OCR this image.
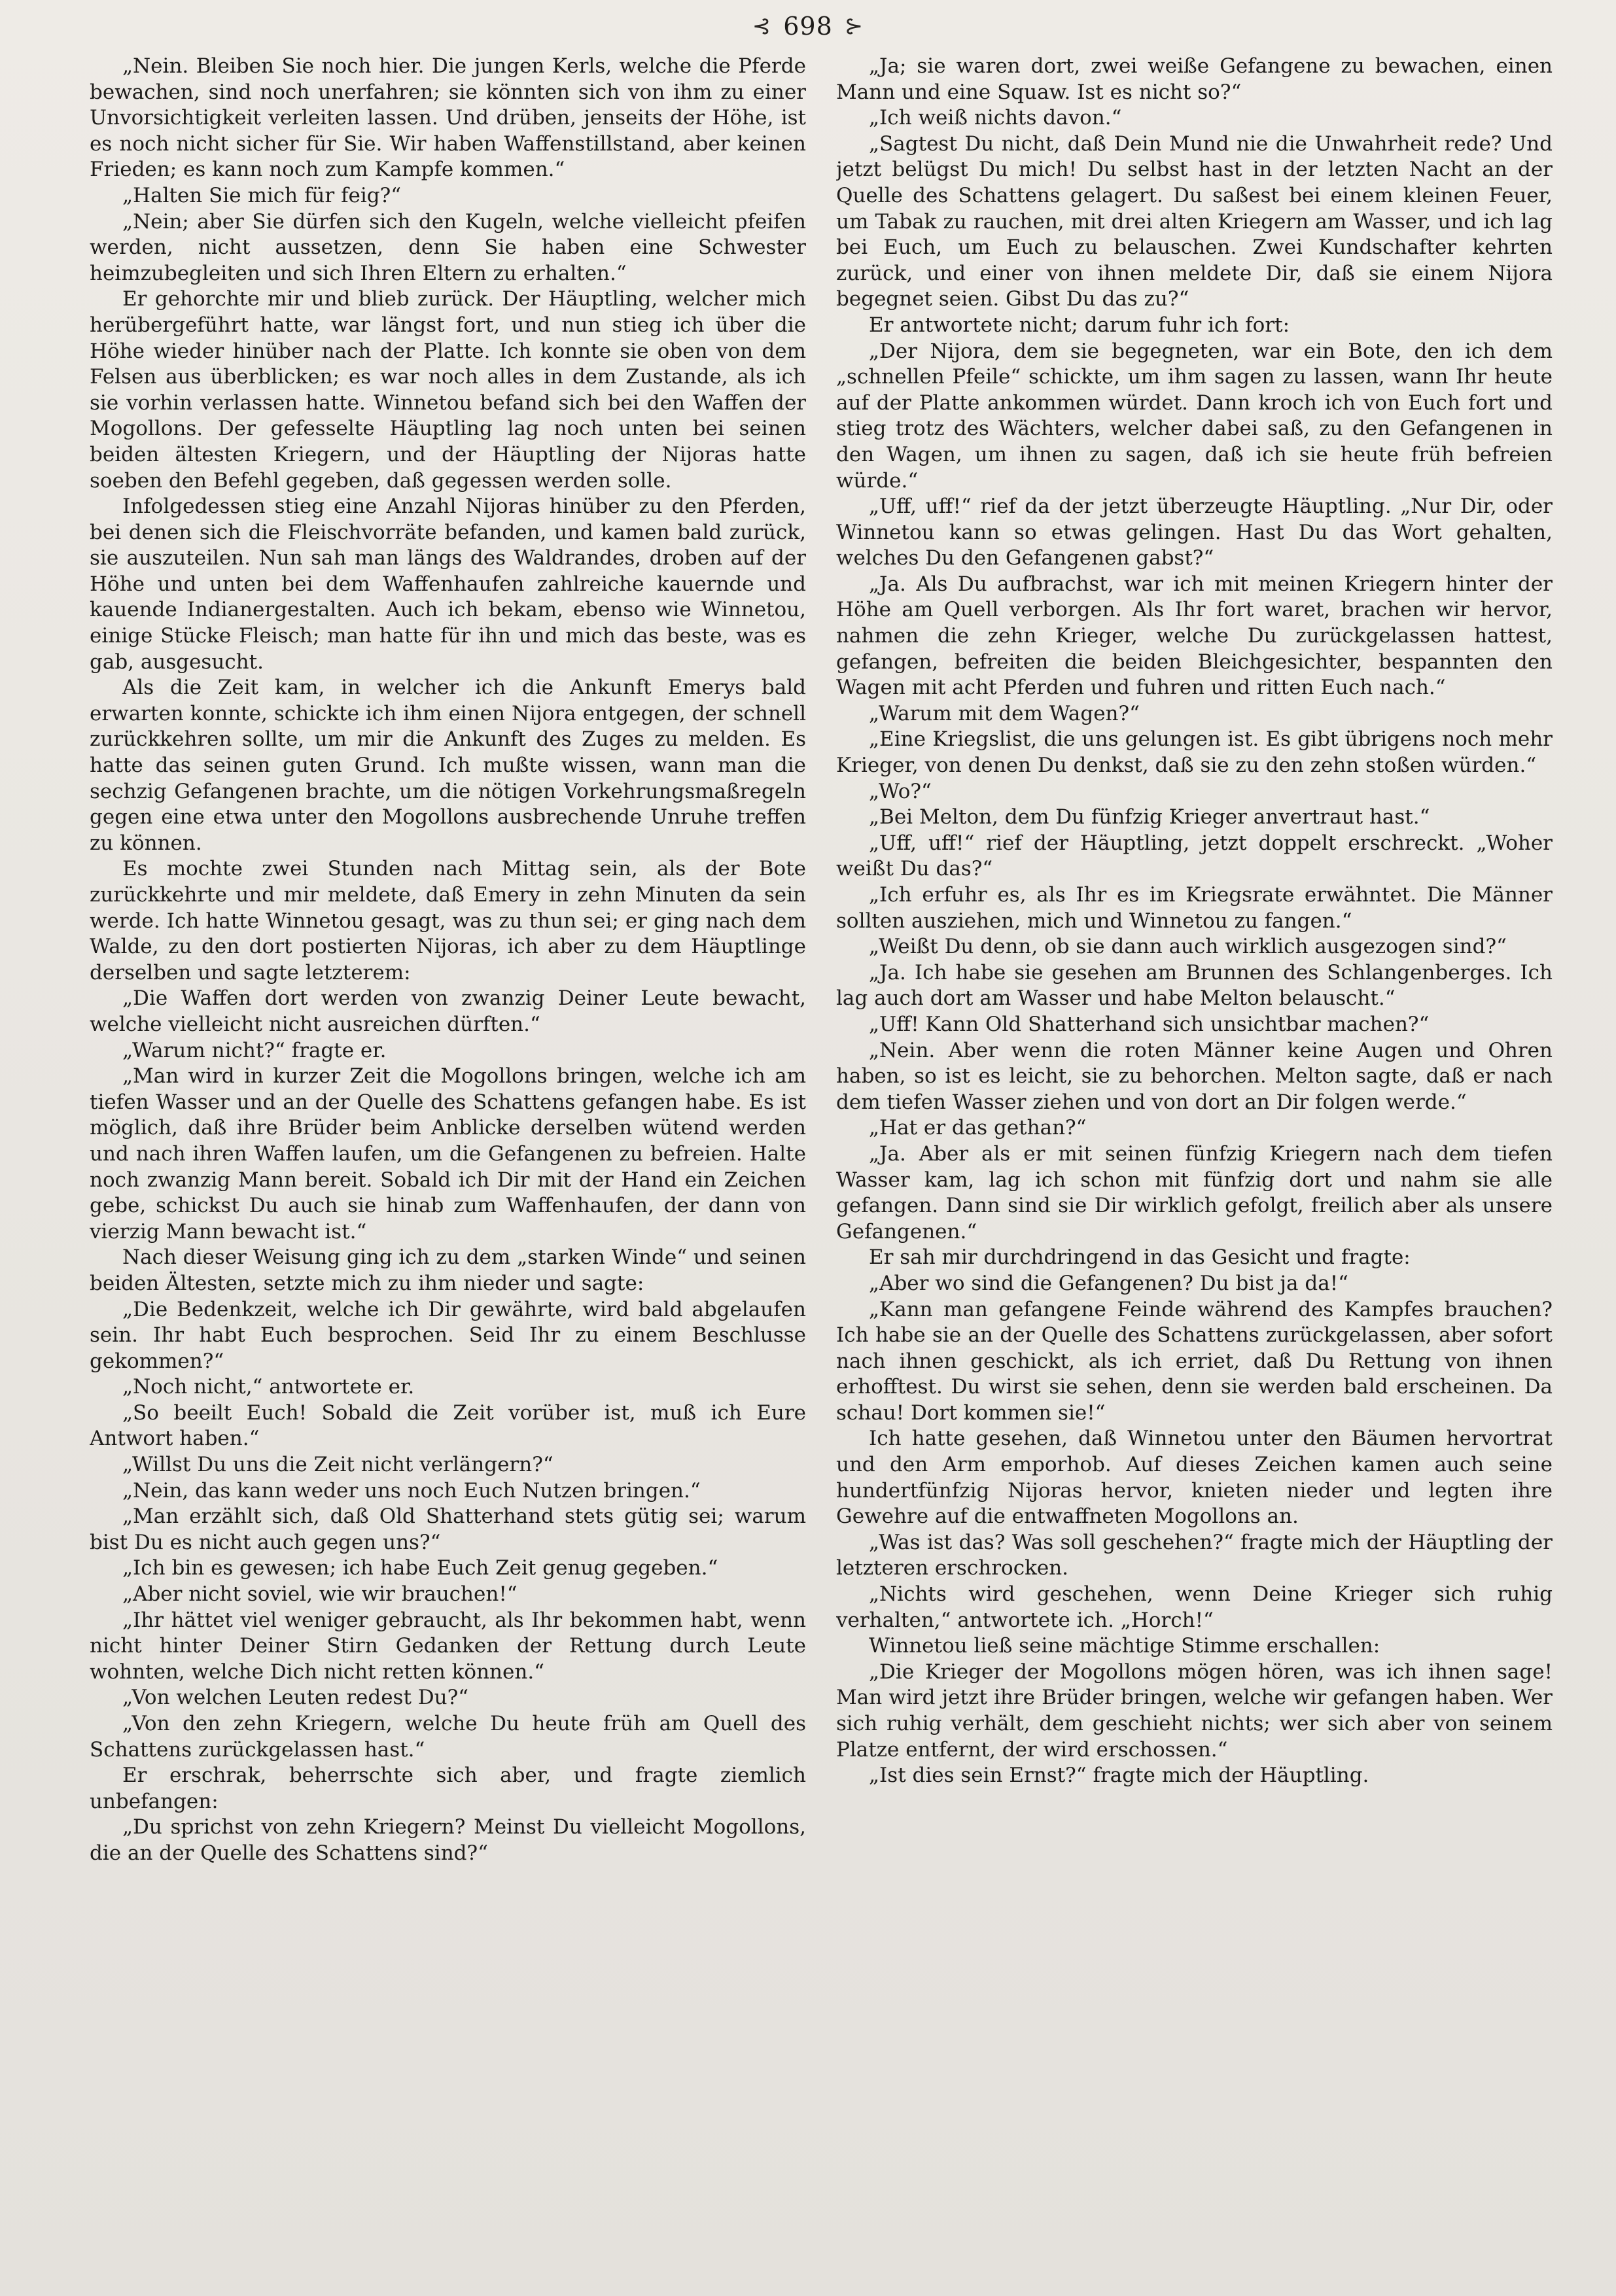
⊰ 698 ⊱

„Nein. Bleiben Sie noch hier. Die jungen Kerls, welche die Pferde bewachen, sind noch unerfahren; sie könnten sich von ihm zu einer Unvorsichtigkeit verleiten lassen. Und drüben, jenseits der Höhe, ist es noch nicht sicher für Sie. Wir haben Waffenstillstand, aber keinen Frieden; es kann noch zum Kampfe kommen.“

„Halten Sie mich für feig?“

„Nein; aber Sie dürfen sich den Kugeln, welche vielleicht pfeifen werden, nicht aussetzen, denn Sie haben eine Schwester heimzubegleiten und sich Ihren Eltern zu erhalten.“

Er gehorchte mir und blieb zurück. Der Häuptling, welcher mich herübergeführt hatte, war längst fort, und nun stieg ich über die Höhe wieder hinüber nach der Platte. Ich konnte sie oben von dem Felsen aus überblicken; es war noch alles in dem Zustande, als ich sie vorhin verlassen hatte. Winnetou befand sich bei den Waffen der Mogollons. Der gefesselte Häuptling lag noch unten bei seinen beiden ältesten Kriegern, und der Häuptling der Nijoras hatte soeben den Befehl gegeben, daß gegessen werden solle.

Infolgedessen stieg eine Anzahl Nijoras hinüber zu den Pferden, bei denen sich die Fleischvorräte befanden, und kamen bald zurück, sie auszuteilen. Nun sah man längs des Waldrandes, droben auf der Höhe und unten bei dem Waffenhaufen zahlreiche kauernde und kauende Indianergestalten. Auch ich bekam, ebenso wie Winnetou, einige Stücke Fleisch; man hatte für ihn und mich das beste, was es gab, ausgesucht.

Als die Zeit kam, in welcher ich die Ankunft Emerys bald erwarten konnte, schickte ich ihm einen Nijora entgegen, der schnell zurückkehren sollte, um mir die Ankunft des Zuges zu melden. Es hatte das seinen guten Grund. Ich mußte wissen, wann man die sechzig Gefangenen brachte, um die nötigen Vorkehrungsmaßregeln gegen eine etwa unter den Mogollons ausbrechende Unruhe treffen zu können.

Es mochte zwei Stunden nach Mittag sein, als der Bote zurückkehrte und mir meldete, daß Emery in zehn Minuten da sein werde. Ich hatte Winnetou gesagt, was zu thun sei; er ging nach dem Walde, zu den dort postierten Nijoras, ich aber zu dem Häuptlinge derselben und sagte letzterem:

„Die Waffen dort werden von zwanzig Deiner Leute bewacht, welche vielleicht nicht ausreichen dürften.“

„Warum nicht?“ fragte er.

„Man wird in kurzer Zeit die Mogollons bringen, welche ich am tiefen Wasser und an der Quelle des Schattens gefangen habe. Es ist möglich, daß ihre Brüder beim Anblicke derselben wütend werden und nach ihren Waffen laufen, um die Gefangenen zu befreien. Halte noch zwanzig Mann bereit. Sobald ich Dir mit der Hand ein Zeichen gebe, schickst Du auch sie hinab zum Waffenhaufen, der dann von vierzig Mann bewacht ist.“

Nach dieser Weisung ging ich zu dem „starken Winde“ und seinen beiden Ältesten, setzte mich zu ihm nieder und sagte:

„Die Bedenkzeit, welche ich Dir gewährte, wird bald abgelaufen sein. Ihr habt Euch besprochen. Seid Ihr zu einem Beschlusse gekommen?“

„Noch nicht,“ antwortete er.

„So beeilt Euch! Sobald die Zeit vorüber ist, muß ich Eure Antwort haben.“

„Willst Du uns die Zeit nicht verlängern?“

„Nein, das kann weder uns noch Euch Nutzen bringen.“

„Man erzählt sich, daß Old Shatterhand stets gütig sei; warum bist Du es nicht auch gegen uns?“

„Ich bin es gewesen; ich habe Euch Zeit genug gegeben.“

„Aber nicht soviel, wie wir brauchen!“

„Ihr hättet viel weniger gebraucht, als Ihr bekommen habt, wenn nicht hinter Deiner Stirn Gedanken der Rettung durch Leute wohnten, welche Dich nicht retten können.“

„Von welchen Leuten redest Du?“

„Von den zehn Kriegern, welche Du heute früh am Quell des Schattens zurückgelassen hast.“

Er erschrak, beherrschte sich aber, und fragte ziemlich unbefangen:

„Du sprichst von zehn Kriegern? Meinst Du vielleicht Mogollons, die an der Quelle des Schattens sind?“

„Ja; sie waren dort, zwei weiße Gefangene zu bewachen, einen Mann und eine Squaw. Ist es nicht so?“

„Ich weiß nichts davon.“

„Sagtest Du nicht, daß Dein Mund nie die Unwahrheit rede? Und jetzt belügst Du mich! Du selbst hast in der letzten Nacht an der Quelle des Schattens gelagert. Du saßest bei einem kleinen Feuer, um Tabak zu rauchen, mit drei alten Kriegern am Wasser, und ich lag bei Euch, um Euch zu belauschen. Zwei Kundschafter kehrten zurück, und einer von ihnen meldete Dir, daß sie einem Nijora begegnet seien. Gibst Du das zu?“

Er antwortete nicht; darum fuhr ich fort:

„Der Nijora, dem sie begegneten, war ein Bote, den ich dem „schnellen Pfeile“ schickte, um ihm sagen zu lassen, wann Ihr heute auf der Platte ankommen würdet. Dann kroch ich von Euch fort und stieg trotz des Wächters, welcher dabei saß, zu den Gefangenen in den Wagen, um ihnen zu sagen, daß ich sie heute früh befreien würde.“

„Uff, uff!“ rief da der jetzt überzeugte Häuptling. „Nur Dir, oder Winnetou kann so etwas gelingen. Hast Du das Wort gehalten, welches Du den Gefangenen gabst?“

„Ja. Als Du aufbrachst, war ich mit meinen Kriegern hinter der Höhe am Quell verborgen. Als Ihr fort waret, brachen wir hervor, nahmen die zehn Krieger, welche Du zurückgelassen hattest, gefangen, befreiten die beiden Bleichgesichter, bespannten den Wagen mit acht Pferden und fuhren und ritten Euch nach.“

„Warum mit dem Wagen?“

„Eine Kriegslist, die uns gelungen ist. Es gibt übrigens noch mehr Krieger, von denen Du denkst, daß sie zu den zehn stoßen würden.“

„Wo?“

„Bei Melton, dem Du fünfzig Krieger anvertraut hast.“

„Uff, uff!“ rief der Häuptling, jetzt doppelt erschreckt. „Woher weißt Du das?“

„Ich erfuhr es, als Ihr es im Kriegsrate erwähntet. Die Männer sollten ausziehen, mich und Winnetou zu fangen.“

„Weißt Du denn, ob sie dann auch wirklich ausgezogen sind?“

„Ja. Ich habe sie gesehen am Brunnen des Schlangenberges. Ich lag auch dort am Wasser und habe Melton belauscht.“

„Uff! Kann Old Shatterhand sich unsichtbar machen?“

„Nein. Aber wenn die roten Männer keine Augen und Ohren haben, so ist es leicht, sie zu behorchen. Melton sagte, daß er nach dem tiefen Wasser ziehen und von dort an Dir folgen werde.“

„Hat er das gethan?“

„Ja. Aber als er mit seinen fünfzig Kriegern nach dem tiefen Wasser kam, lag ich schon mit fünfzig dort und nahm sie alle gefangen. Dann sind sie Dir wirklich gefolgt, freilich aber als unsere Gefangenen.“

Er sah mir durchdringend in das Gesicht und fragte:

„Aber wo sind die Gefangenen? Du bist ja da!“

„Kann man gefangene Feinde während des Kampfes brauchen? Ich habe sie an der Quelle des Schattens zurückgelassen, aber sofort nach ihnen geschickt, als ich erriet, daß Du Rettung von ihnen erhofftest. Du wirst sie sehen, denn sie werden bald erscheinen. Da schau! Dort kommen sie!“

Ich hatte gesehen, daß Winnetou unter den Bäumen hervortrat und den Arm emporhob. Auf dieses Zeichen kamen auch seine hundertfünfzig Nijoras hervor, knieten nieder und legten ihre Gewehre auf die entwaffneten Mogollons an.

„Was ist das? Was soll geschehen?“ fragte mich der Häuptling der letzteren erschrocken.

„Nichts wird geschehen, wenn Deine Krieger sich ruhig verhalten,“ antwortete ich. „Horch!“

Winnetou ließ seine mächtige Stimme erschallen:

„Die Krieger der Mogollons mögen hören, was ich ihnen sage! Man wird jetzt ihre Brüder bringen, welche wir gefangen haben. Wer sich ruhig verhält, dem geschieht nichts; wer sich aber von seinem Platze entfernt, der wird erschossen.“

„Ist dies sein Ernst?“ fragte mich der Häuptling.
